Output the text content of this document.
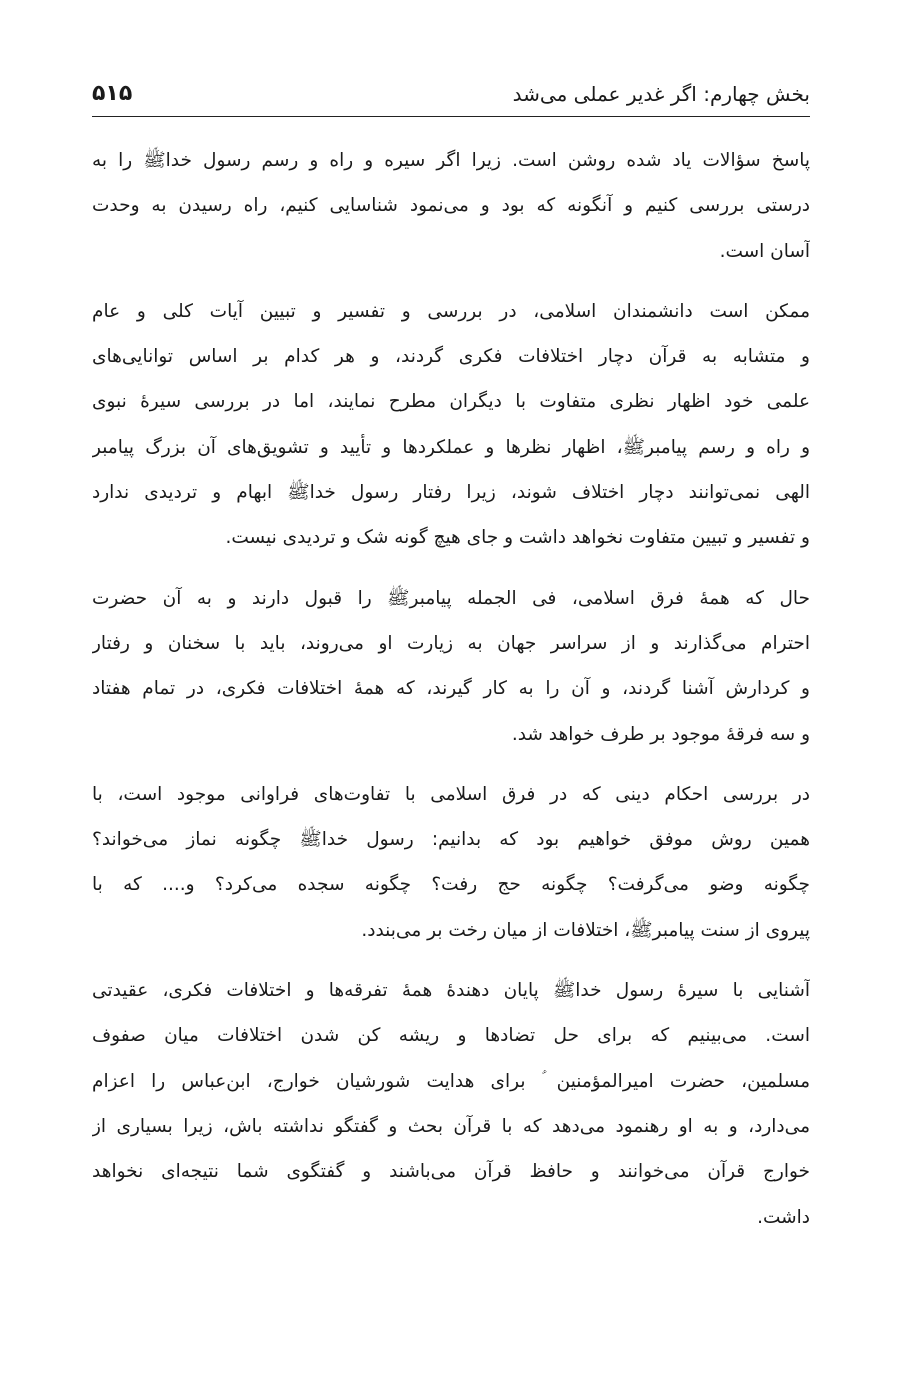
بخش چهارم: اگر غدیر عملی می‌شد
۵۱۵

پاسخ سؤالات یاد شده روشن است. زیرا اگر سیره و راه و رسم رسول خداﷺ را به
درستی بررسی کنیم و آنگونه که بود و می‌نمود شناسایی کنیم، راه رسیدن به وحدت
آسان است.

ممکن است دانشمندان اسلامی، در بررسی و تفسیر و تبیین آیات کلی و عام
و متشابه به قرآن دچار اختلافات فکری گردند، و هر کدام بر اساس توانایی‌های
علمی خود اظهار نظری متفاوت با دیگران مطرح نمایند، اما در بررسی سیرهٔ نبوی
و راه و رسم پیامبرﷺ، اظهار نظرها و عملکردها و تأیید و تشویق‌های آن بزرگ پیامبر
الهی نمی‌توانند دچار اختلاف شوند، زیرا رفتار رسول خداﷺ ابهام و تردیدی ندارد
و تفسیر و تبیین متفاوت نخواهد داشت و جای هیچ گونه شک و تردیدی نیست.

حال که همهٔ فرق اسلامی، فی الجمله پیامبرﷺ را قبول دارند و به آن حضرت
احترام می‌گذارند و از سراسر جهان به زیارت او می‌روند، باید با سخنان و رفتار
و کردارش آشنا گردند، و آن را به کار گیرند، که همهٔ اختلافات فکری، در تمام هفتاد
و سه فرقهٔ موجود بر طرف خواهد شد.

در بررسی احکام دینی که در فرق اسلامی با تفاوت‌های فراوانی موجود است، با
همین روش موفق خواهیم بود که بدانیم: رسول خداﷺ چگونه نماز می‌خواند؟
چگونه وضو می‌گرفت؟ چگونه حج رفت؟ چگونه سجده می‌کرد؟ و.... که با
پیروی از سنت پیامبرﷺ، اختلافات از میان رخت بر می‌بندد.

آشنایی با سیرهٔ رسول خداﷺ پایان دهندهٔ همهٔ تفرقه‌ها و اختلافات فکری، عقیدتی
است. می‌بینیم که برای حل تضادها و ریشه کن شدن اختلافات میان صفوف
مسلمین، حضرت امیرالمؤمنین ؑ برای هدایت شورشیان خوارج، ابن‌عباس را اعزام
می‌دارد، و به او رهنمود می‌دهد که با قرآن بحث و گفتگو نداشته باش، زیرا بسیاری از
خوارج قرآن می‌خوانند و حافظ قرآن می‌باشند و گفتگوی شما نتیجه‌ای نخواهد
داشت.
